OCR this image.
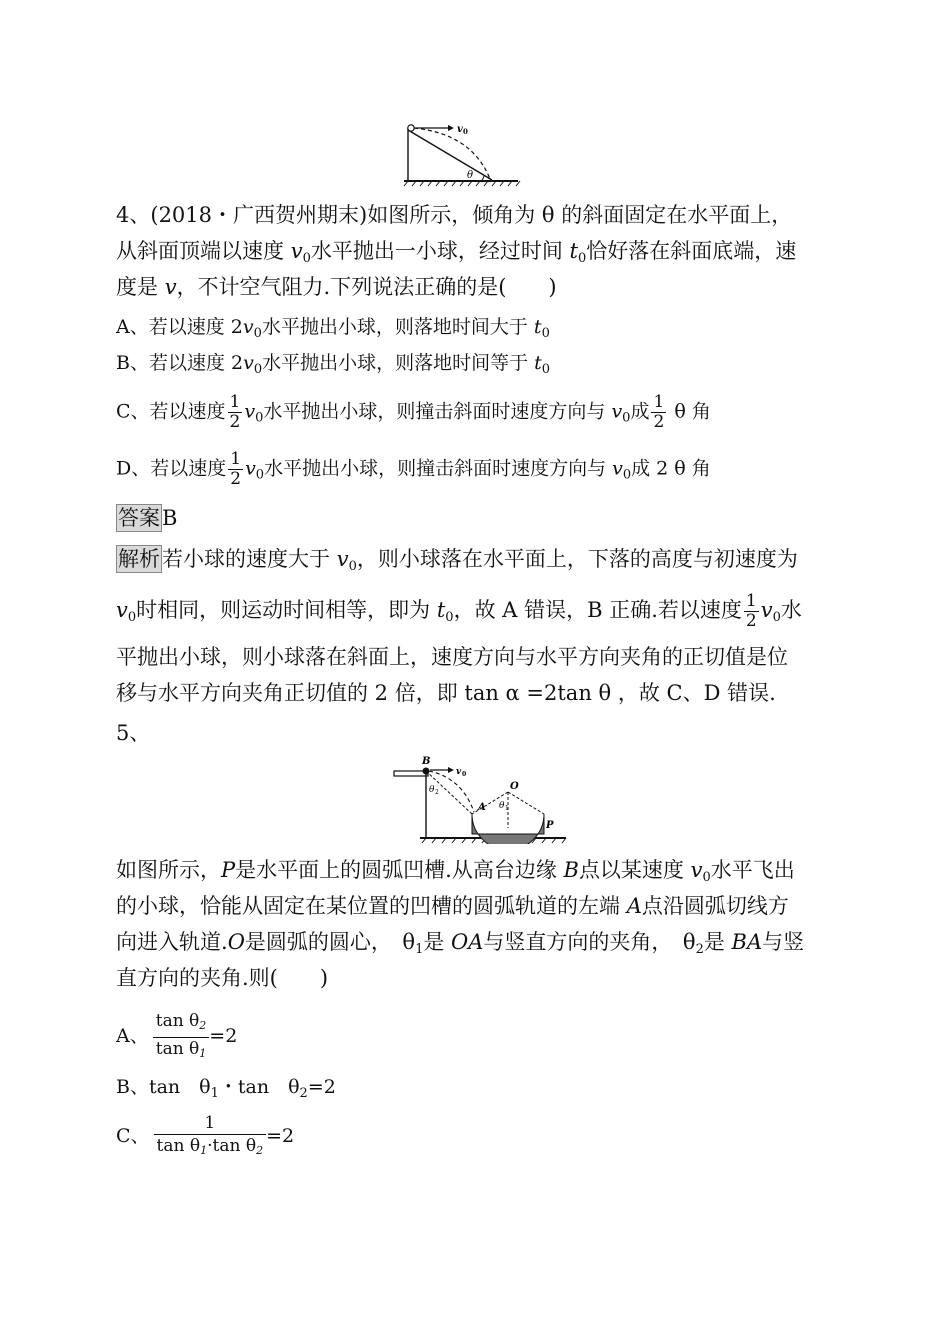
v 0
θ
4、(2018・广西贺州期末)如图所示，倾角为 θ 的斜面固定在水平面上，
从斜面顶端以速度 $v_0$水平抛出一小球，经过时间 $t_0$恰好落在斜面底端，速
度是 v，不计空气阻力.下列说法正确的是(　　)
A、若以速度 $2v_0$水平抛出小球，则落地时间大于 $t_0$
B、若以速度 $2v_0$水平抛出小球，则落地时间等于 $t_0$
C、若以速度 $\frac{1}{2} v_0$水平抛出小球，则撞击斜面时速度方向与 $v_0$成 $\frac{1}{2}$ θ 角
D、若以速度 $\frac{1}{2} v_0$水平抛出小球，则撞击斜面时速度方向与 $v_0$成 2 θ 角
答案B
解析若小球的速度大于 $v_0$，则小球落在水平面上，下落的高度与初速度为
$v_0$时相同，则运动时间相等，即为 $t_0$，故 A 错误，B 正确.若以速度 $\frac{1}{2} v_0$水
平抛出小球，则小球落在斜面上，速度方向与水平方向夹角的正切值是位
移与水平方向夹角正切值的 2 倍，即 tan α =2tan θ ，故 C、D 错误.
5、
B
v 0
θ 2
A
O
θ 1
P
如图所示，P是水平面上的圆弧凹槽.从高台边缘 B点以某速度 $v_0$水平飞出
的小球，恰能从固定在某位置的凹槽的圆弧轨道的左端 A点沿圆弧切线方
向进入轨道.O是圆弧的圆心，　$\theta_1$是 OA与竖直方向的夹角，　$\theta_2$是 BA与竖
直方向的夹角.则(　　)
A、 $\frac{\text{tan θ2}}{\text{tan θ1}} =2$
B、tan　$\theta_1$・tan　$\theta_2=2$
C、 $\frac{1}{\text{tan θ1·tan θ2}} =2$
